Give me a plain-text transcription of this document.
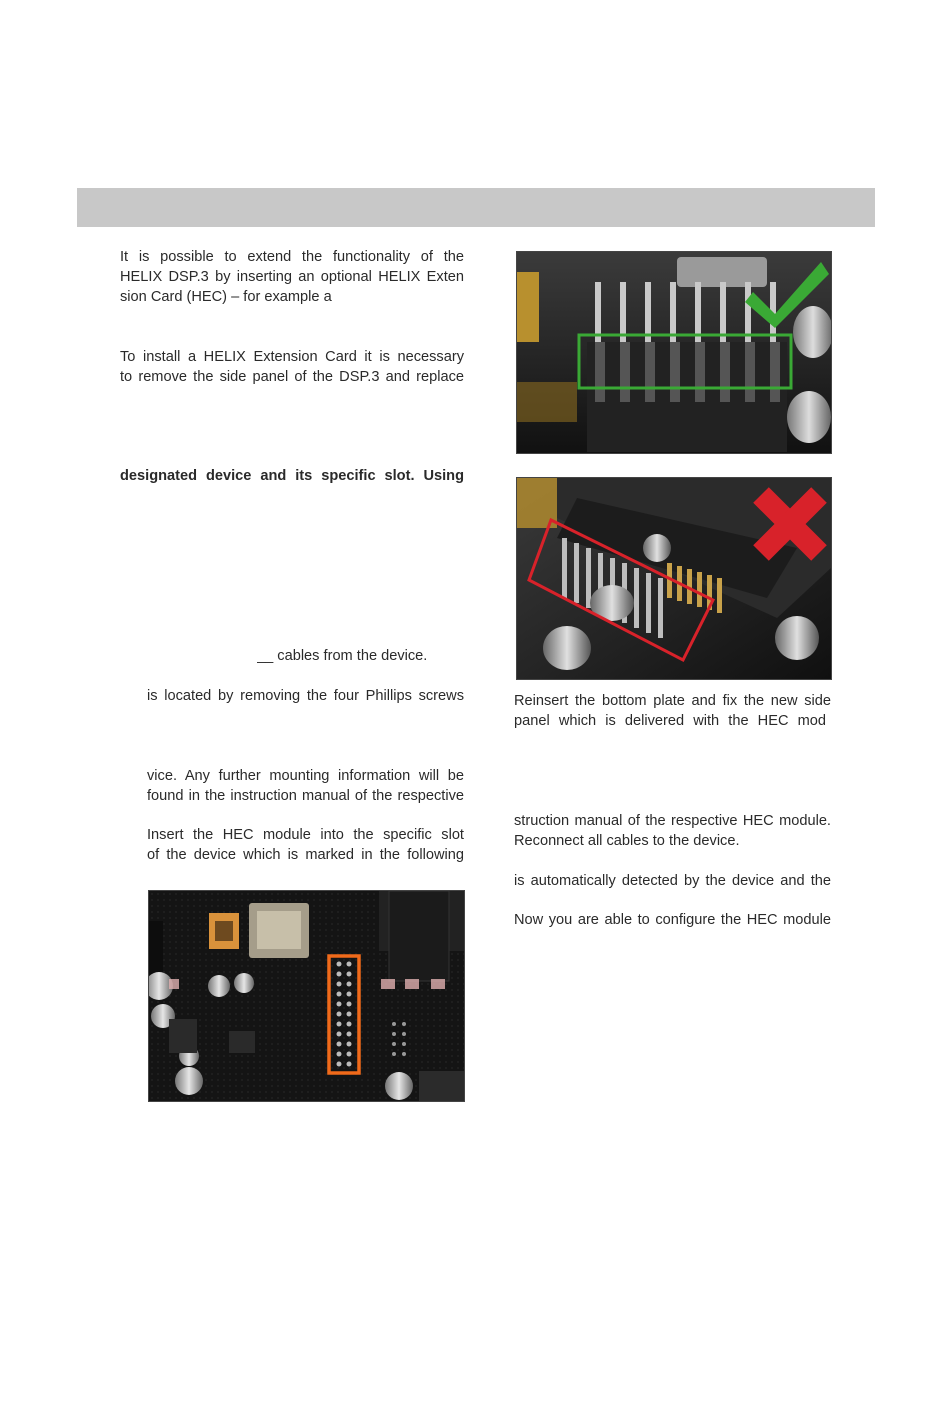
It is possible to extend the functionality of the
HELIX DSP.3 by inserting an optional HELIX Exten
sion Card (HEC) – for example a
To install a HELIX Extension Card it is necessary
to remove the side panel of the DSP.3 and replace
designated device and its specific slot. Using
__ cables from the device.
is located by removing the four Phillips screws
vice. Any further mounting information will be
found in the instruction manual of the respective
Insert the HEC module into the specific slot
of the device which is marked in the following
Reinsert the bottom plate and fix the new side
panel which is delivered with the HEC mod
struction manual of the respective HEC module.
Reconnect all cables to the device.
is automatically detected by the device and the
Now you are able to configure the HEC module
